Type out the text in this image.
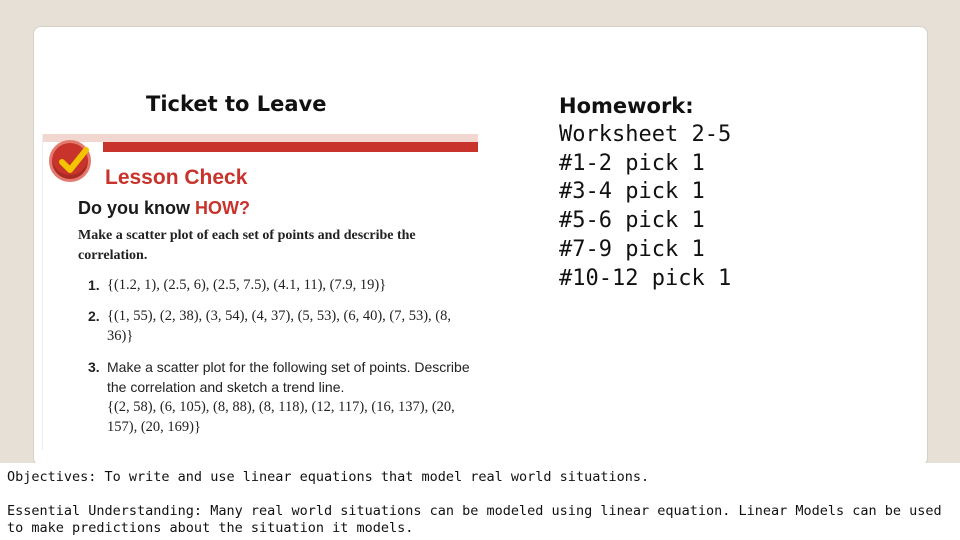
Ticket to Leave
Lesson Check
Do you know HOW?
Make a scatter plot of each set of points and describe the correlation.
1. {(1.2, 1), (2.5, 6), (2.5, 7.5), (4.1, 11), (7.9, 19)}
2. {(1, 55), (2, 38), (3, 54), (4, 37), (5, 53), (6, 40), (7, 53), (8, 36)}
3. Make a scatter plot for the following set of points. Describe the correlation and sketch a trend line.
{(2, 58), (6, 105), (8, 88), (8, 118), (12, 117), (16, 137), (20, 157), (20, 169)}
Homework:
Worksheet 2-5
#1-2 pick 1
#3-4 pick 1
#5-6 pick 1
#7-9 pick 1
#10-12 pick 1
Objectives: To write and use linear equations that model real world situations.
Essential Understanding: Many real world situations can be modeled using linear equation. Linear Models can be used to make predictions about the situation it models.
